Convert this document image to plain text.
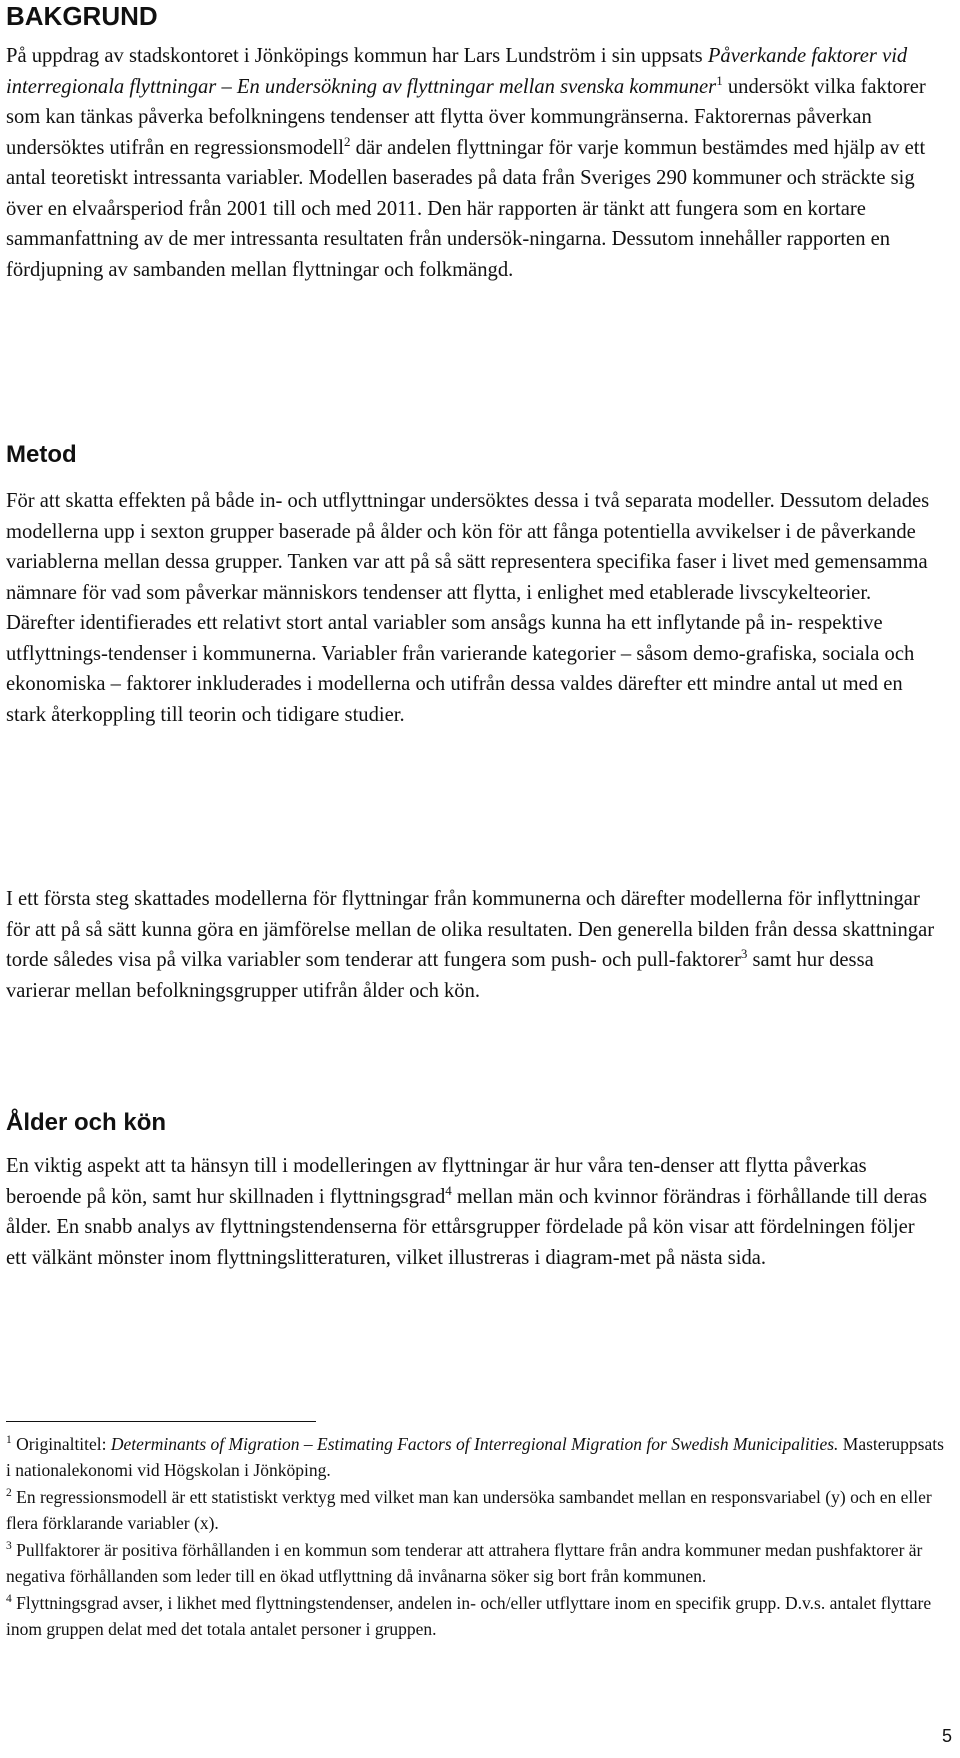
BAKGRUND

På uppdrag av stadskontoret i Jönköpings kommun har Lars Lundström i sin uppsats Påverkande faktorer vid interregionala flyttningar – En undersökning av flyttningar mellan svenska kommuner$^1$ undersökt vilka faktorer som kan tänkas påverka befolkningens tendenser att flytta över kommungränserna. Faktorernas påverkan undersöktes utifrån en regressionsmodell$^2$ där andelen flyttningar för varje kommun bestämdes med hjälp av ett antal teoretiskt intressanta variabler. Modellen baserades på data från Sveriges 290 kommuner och sträckte sig över en elvaårsperiod från 2001 till och med 2011. Den här rapporten är tänkt att fungera som en kortare sammanfattning av de mer intressanta resultaten från undersök-ningarna. Dessutom innehåller rapporten en fördjupning av sambanden mellan flyttningar och folkmängd.

Metod

För att skatta effekten på både in- och utflyttningar undersöktes dessa i två separata modeller. Dessutom delades modellerna upp i sexton grupper baserade på ålder och kön för att fånga potentiella avvikelser i de påverkande variablerna mellan dessa grupper. Tanken var att på så sätt representera specifika faser i livet med gemensamma nämnare för vad som påverkar människors tendenser att flytta, i enlighet med etablerade livscykelteorier. Därefter identifierades ett relativt stort antal variabler som ansågs kunna ha ett inflytande på in- respektive utflyttnings-tendenser i kommunerna. Variabler från varierande kategorier – såsom demo-grafiska, sociala och ekonomiska – faktorer inkluderades i modellerna och utifrån dessa valdes därefter ett mindre antal ut med en stark återkoppling till teorin och tidigare studier.

I ett första steg skattades modellerna för flyttningar från kommunerna och därefter modellerna för inflyttningar för att på så sätt kunna göra en jämförelse mellan de olika resultaten. Den generella bilden från dessa skattningar torde således visa på vilka variabler som tenderar att fungera som push- och pull-faktorer$^3$ samt hur dessa varierar mellan befolkningsgrupper utifrån ålder och kön.

Ålder och kön

En viktig aspekt att ta hänsyn till i modelleringen av flyttningar är hur våra ten-denser att flytta påverkas beroende på kön, samt hur skillnaden i flyttningsgrad$^4$ mellan män och kvinnor förändras i förhållande till deras ålder. En snabb analys av flyttningstendenserna för ettårsgrupper fördelade på kön visar att fördelningen följer ett välkänt mönster inom flyttningslitteraturen, vilket illustreras i diagram-met på nästa sida.

$^1$ Originaltitel: Determinants of Migration – Estimating Factors of Interregional Migration for Swedish Municipalities. Masteruppsats i nationalekonomi vid Högskolan i Jönköping.

$^2$ En regressionsmodell är ett statistiskt verktyg med vilket man kan undersöka sambandet mellan en responsvariabel (y) och en eller flera förklarande variabler (x).

$^3$ Pullfaktorer är positiva förhållanden i en kommun som tenderar att attrahera flyttare från andra kommuner medan pushfaktorer är negativa förhållanden som leder till en ökad utflyttning då invånarna söker sig bort från kommunen.

$^4$ Flyttningsgrad avser, i likhet med flyttningstendenser, andelen in- och/eller utflyttare inom en specifik grupp. D.v.s. antalet flyttare inom gruppen delat med det totala antalet personer i gruppen.

5
